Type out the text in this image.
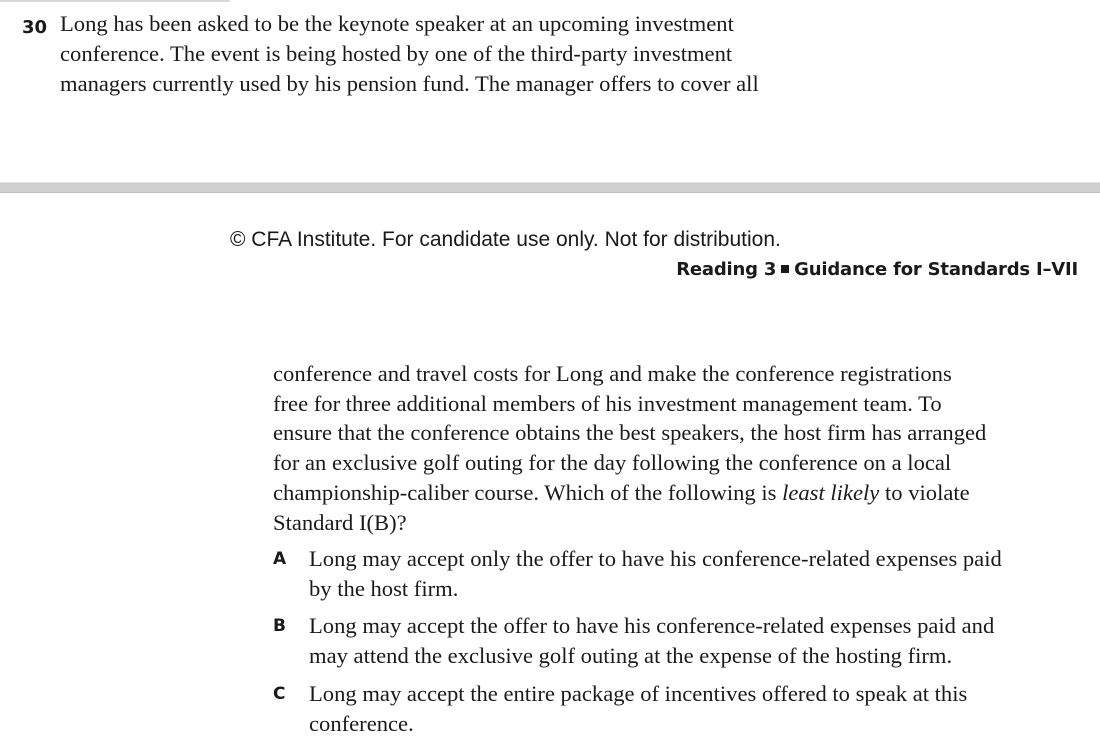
30 Long has been asked to be the keynote speaker at an upcoming investment
conference. The event is being hosted by one of the third-party investment
managers currently used by his pension fund. The manager offers to cover all
© CFA Institute. For candidate use only. Not for distribution.
Reading 3 Guidance for Standards I–VII
conference and travel costs for Long and make the conference registrations
free for three additional members of his investment management team. To
ensure that the conference obtains the best speakers, the host firm has arranged
for an exclusive golf outing for the day following the conference on a local
championship-caliber course. Which of the following is least likely to violate
Standard I(B)?
A	Long may accept only the offer to have his conference-related expenses paid
by the host firm.
B	Long may accept the offer to have his conference-related expenses paid and
may attend the exclusive golf outing at the expense of the hosting firm.
C	Long may accept the entire package of incentives offered to speak at this
conference.
